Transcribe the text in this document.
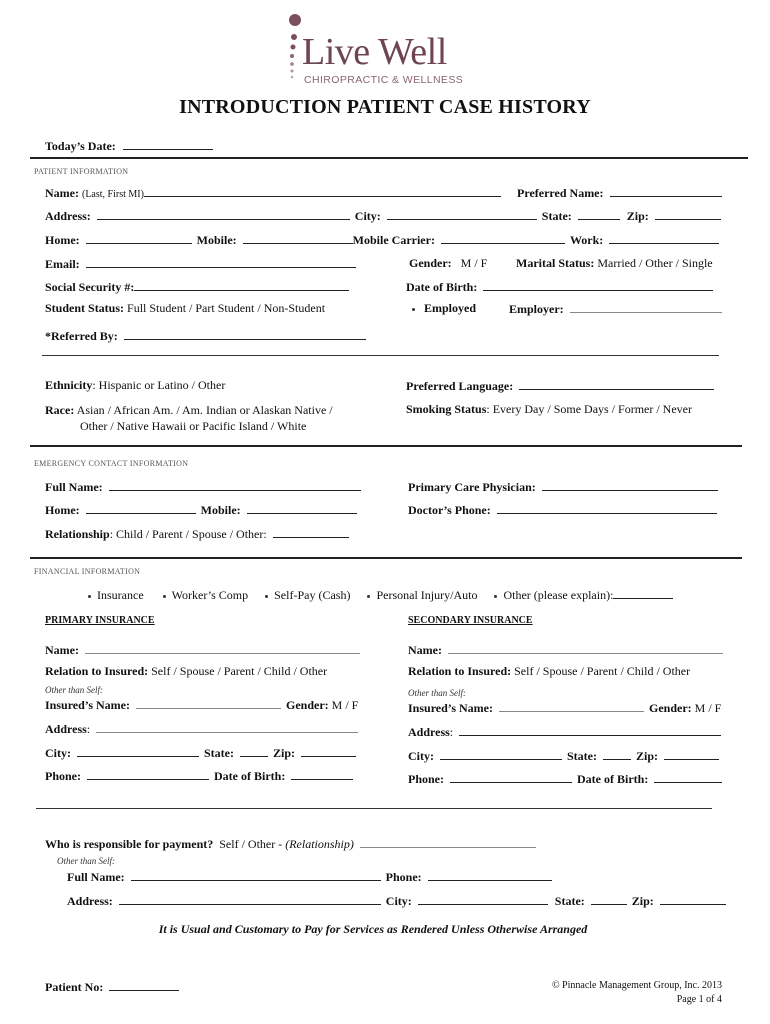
Live Well
CHIROPRACTIC & WELLNESS
INTRODUCTION PATIENT CASE HISTORY
Today’s Date:
PATIENT INFORMATION
Name: (Last, First MI)	Preferred Name:
Address:	City:	State:	Zip:
Home:	Mobile:	Mobile Carrier:	Work:
Email:	Gender: M / F Marital Status: Married / Other / Single
Social Security #:	Date of Birth:
Student Status: Full Student / Part Student / Non-Student	Employed	Employer:
*Referred By:
Ethnicity: Hispanic or Latino / Other	Preferred Language:
Race: Asian / African Am. / Am. Indian or Alaskan Native /
Other / Native Hawaii or Pacific Island / White
Smoking Status: Every Day / Some Days / Former / Never
EMERGENCY CONTACT INFORMATION
Full Name:	Primary Care Physician:
Home:	Mobile:	Doctor’s Phone:
Relationship: Child / Parent / Spouse / Other:
FINANCIAL INFORMATION
Insurance Worker’s Comp Self-Pay (Cash) Personal Injury/Auto Other (please explain):
PRIMARY INSURANCE	SECONDARY INSURANCE
Name:
Relation to Insured: Self / Spouse / Parent / Child / Other
Other than Self:
Insured’s Name:	Gender: M / F
Address:
City:	State:	Zip:
Phone:	Date of Birth:
Name:
Relation to Insured: Self / Spouse / Parent / Child / Other
Other than Self:
Insured’s Name:	Gender: M / F
Address:
City:	State:	Zip:
Phone:	Date of Birth:
Who is responsible for payment? Self / Other - (Relationship)
Other than Self:
Full Name:	Phone:
Address:	City:	State:	Zip:
It is Usual and Customary to Pay for Services as Rendered Unless Otherwise Arranged
Patient No:	© Pinnacle Management Group, Inc. 2013
Page 1 of 4
